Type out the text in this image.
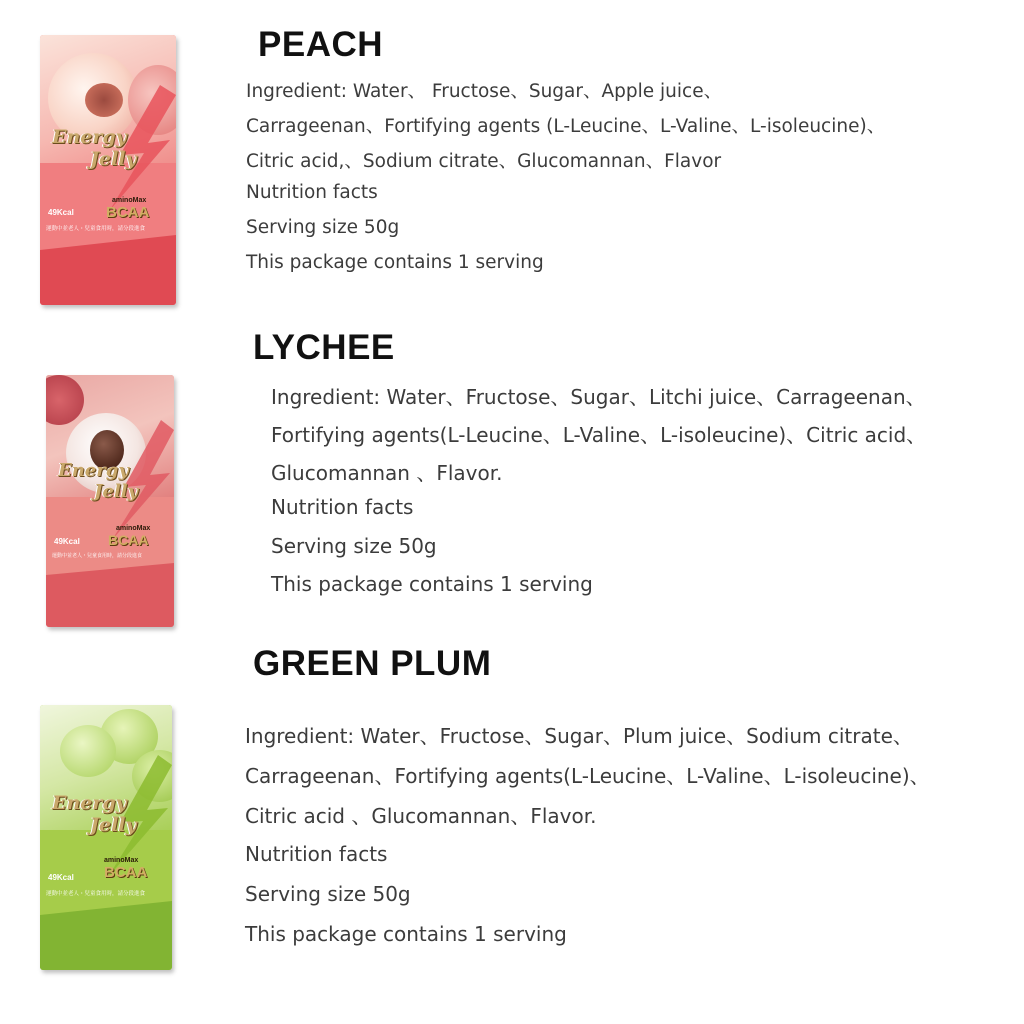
Energy
Jelly
aminoMax
BCAA
49Kcal
運動中並老人・兒童食用時，請分段進食
PEACH
Ingredient: Water、 Fructose、Sugar、Apple juice、
Carrageenan、Fortifying agents (L-Leucine、L-Valine、L-isoleucine)、
Citric acid,、Sodium citrate、Glucomannan、Flavor
Nutrition facts
Serving size 50g
This package contains 1 serving
Energy
Jelly
aminoMax
BCAA
49Kcal
運動中並老人・兒童食用時，請分段進食
LYCHEE
Ingredient: Water、Fructose、Sugar、Litchi juice、Carrageenan、
Fortifying agents(L-Leucine、L-Valine、L-isoleucine)、Citric acid、
Glucomannan 、Flavor.
Nutrition facts
Serving size 50g
This package contains 1 serving
Energy
Jelly
aminoMax
BCAA
49Kcal
運動中並老人・兒童食用時，請分段進食
GREEN PLUM
Ingredient: Water、Fructose、Sugar、Plum juice、Sodium citrate、
Carrageenan、Fortifying agents(L-Leucine、L-Valine、L-isoleucine)、
Citric acid 、Glucomannan、Flavor.
Nutrition facts
Serving size 50g
This package contains 1 serving
